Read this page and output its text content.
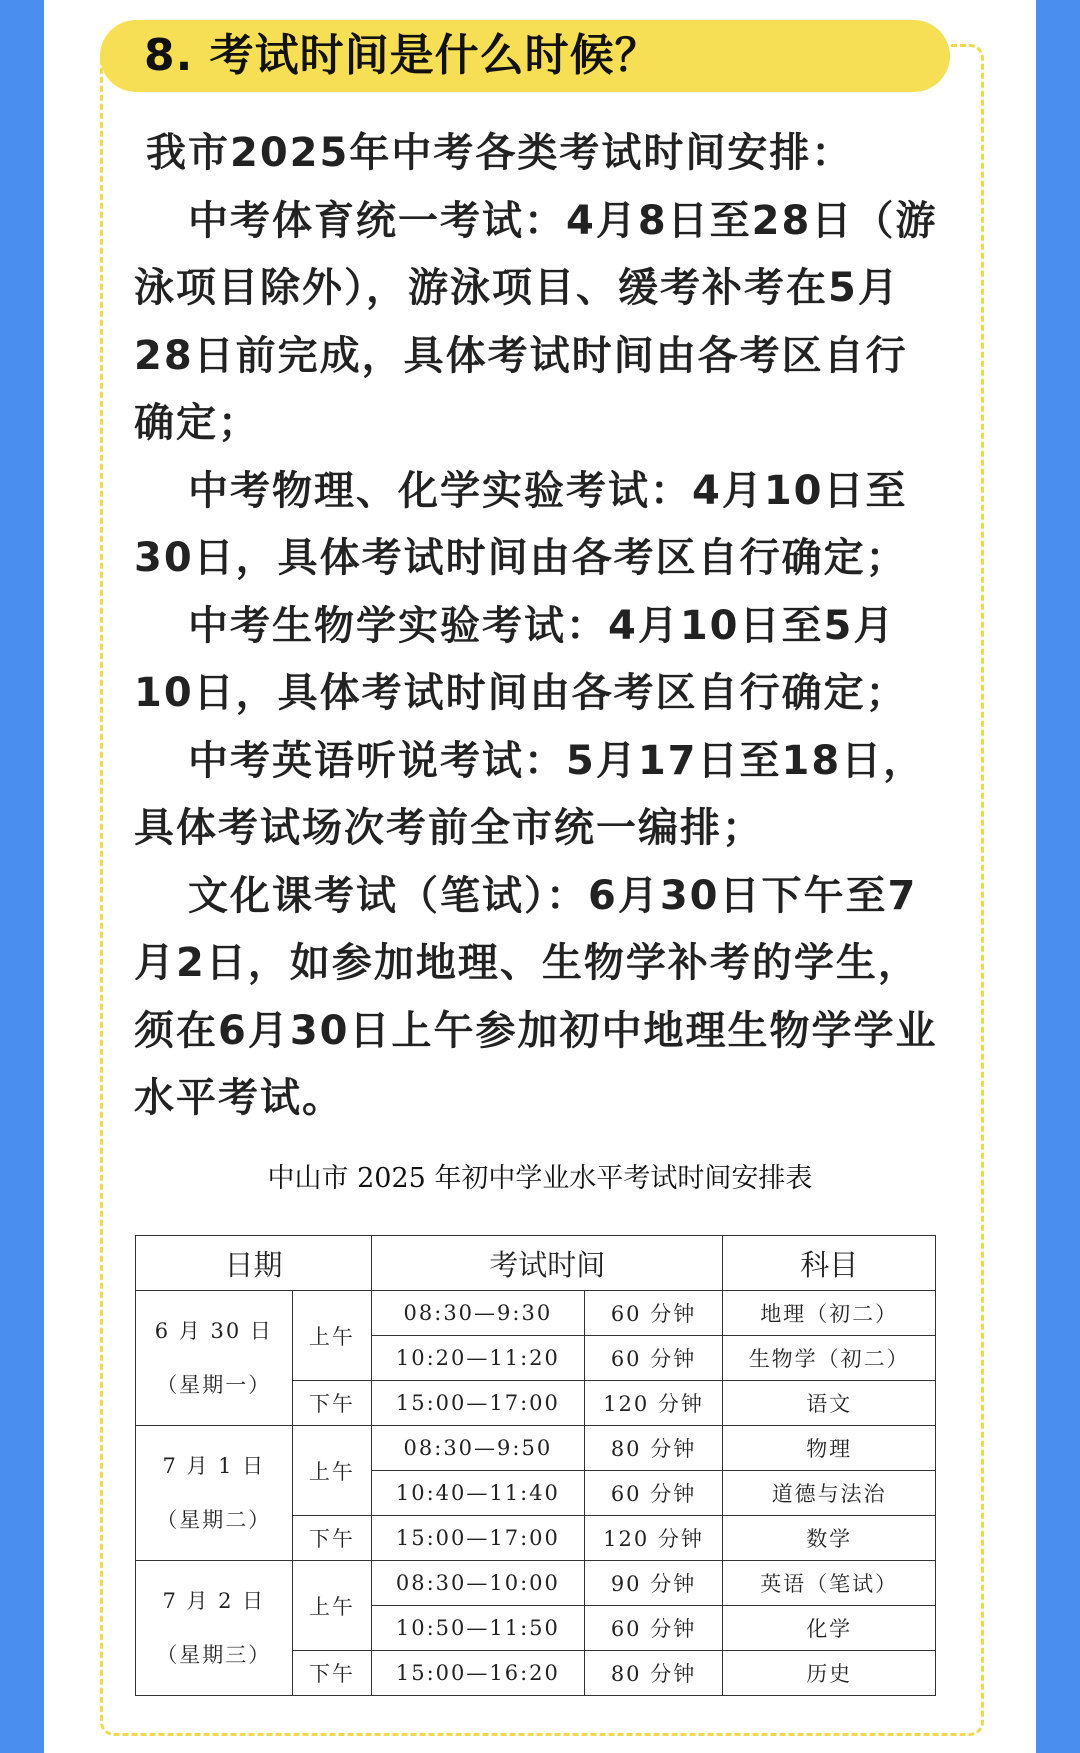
8. 考试时间是什么时候？

我市2025年中考各类考试时间安排：

中考体育统一考试：4月8日至28日（游泳项目除外），游泳项目、缓考补考在5月28日前完成，具体考试时间由各考区自行确定；

中考物理、化学实验考试：4月10日至30日，具体考试时间由各考区自行确定；

中考生物学实验考试：4月10日至5月10日，具体考试时间由各考区自行确定；

中考英语听说考试：5月17日至18日，具体考试场次考前全市统一编排；

文化课考试（笔试）：6月30日下午至7月2日，如参加地理、生物学补考的学生，须在6月30日上午参加初中地理生物学学业水平考试。

中山市 2025 年初中学业水平考试时间安排表
日期		考试时间		科目

6 月 30 日
（星期一）	上午	08:30—9:30	60 分钟	地理（初二）
		10:20—11:20	60 分钟	生物学（初二）
	下午	15:00—17:00	120 分钟	语文

7 月 1 日
（星期二）	上午	08:30—9:50	80 分钟	物理
		10:40—11:40	60 分钟	道德与法治
	下午	15:00—17:00	120 分钟	数学

7 月 2 日
（星期三）	上午	08:30—10:00	90 分钟	英语（笔试）
		10:50—11:50	60 分钟	化学
	下午	15:00—16:20	80 分钟	历史
